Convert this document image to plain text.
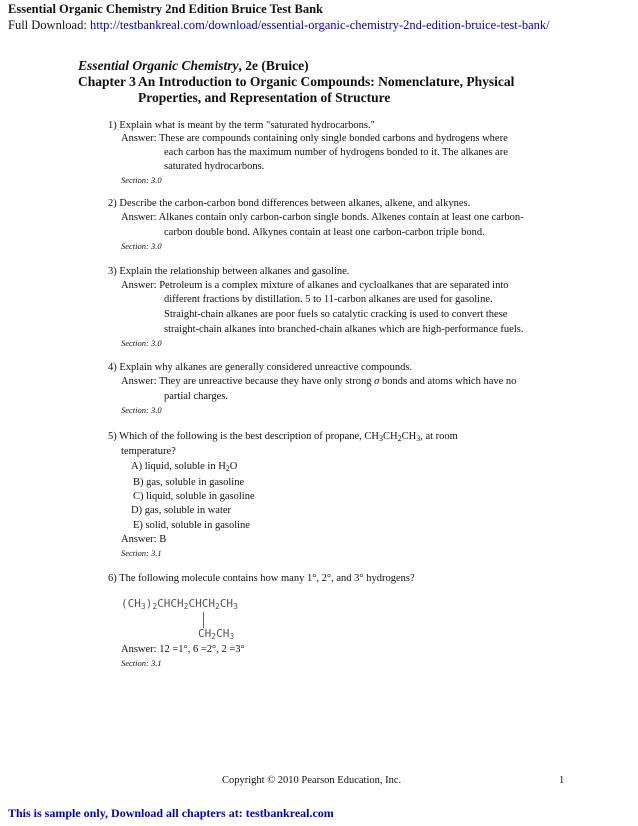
Essential Organic Chemistry 2nd Edition Bruice Test Bank
Full Download: http://testbankreal.com/download/essential-organic-chemistry-2nd-edition-bruice-test-bank/
Essential Organic Chemistry, 2e (Bruice)
Chapter 3 An Introduction to Organic Compounds: Nomenclature, Physical Properties, and Representation of Structure
1) Explain what is meant by the term "saturated hydrocarbons."
Answer: These are compounds containing only single bonded carbons and hydrogens where
each carbon has the maximum number of hydrogens bonded to it. The alkanes are
saturated hydrocarbons.
Section: 3.0
2) Describe the carbon-carbon bond differences between alkanes, alkene, and alkynes.
Answer: Alkanes contain only carbon-carbon single bonds. Alkenes contain at least one carbon-
carbon double bond. Alkynes contain at least one carbon-carbon triple bond.
Section: 3.0
3) Explain the relationship between alkanes and gasoline.
Answer: Petroleum is a complex mixture of alkanes and cycloalkanes that are separated into
different fractions by distillation. 5 to 11-carbon alkanes are used for gasoline.
Straight-chain alkanes are poor fuels so catalytic cracking is used to convert these
straight-chain alkanes into branched-chain alkanes which are high-performance fuels.
Section: 3.0
4) Explain why alkanes are generally considered unreactive compounds.
Answer: They are unreactive because they have only strong σ bonds and atoms which have no
partial charges.
Section: 3.0
5) Which of the following is the best description of propane, $CH_3CH_2CH_3$, at room
temperature?
A) liquid, soluble in $H_2O$
B) gas, soluble in gasoline
C) liquid, soluble in gasoline
D) gas, soluble in water
E) solid, soluble in gasoline
Answer: B
Section: 3.1
6) The following molecule contains how many 1°, 2°, and 3° hydrogens?
$(CH_3)_2CHCH_2CHCH_2CH_3$
$CH_2CH_3$
Answer: 12 =1°, 6 =2°, 2 =3°
Section: 3.1
Copyright © 2010 Pearson Education, Inc.	1
This is sample only, Download all chapters at: testbankreal.com
